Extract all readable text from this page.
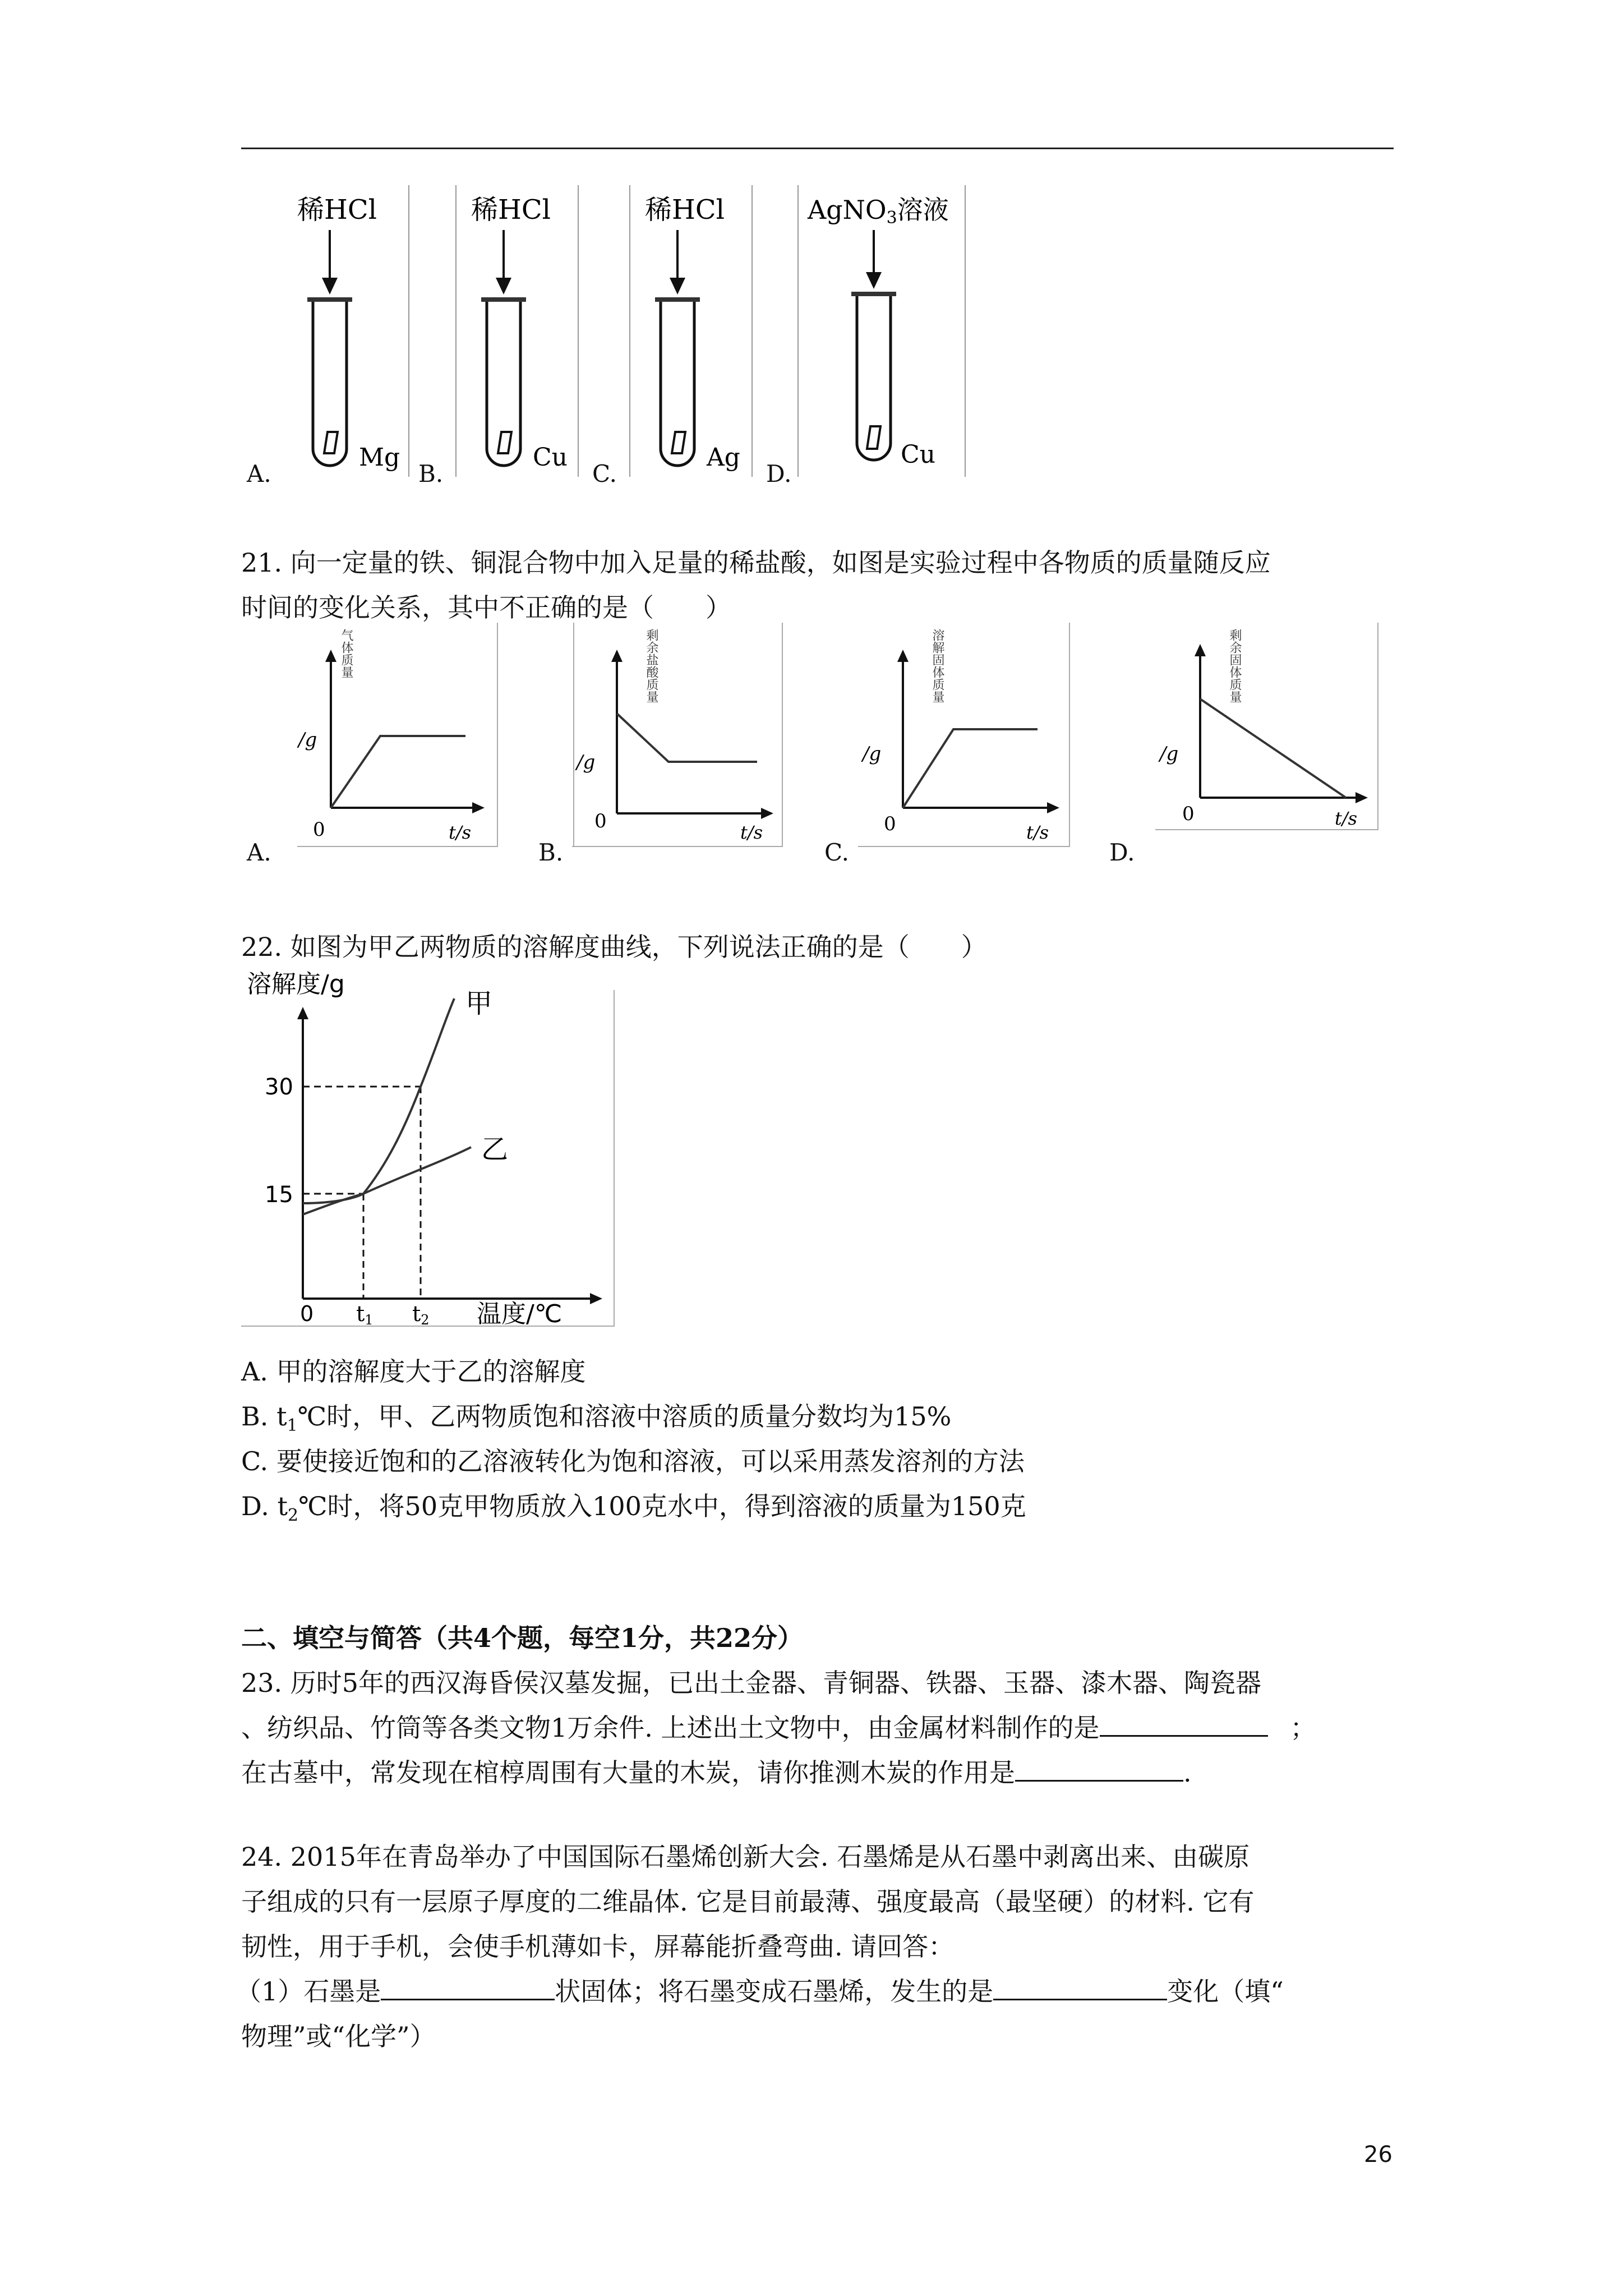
A.
稀HCl
Mg
B.
稀HCl
Cu
C.
稀HCl
Ag
D.
AgNO3溶液
Cu
21. 向一定量的铁、铜混合物中加入足量的稀盐酸，如图是实验过程中各物质的质量随反应
时间的变化关系，其中不正确的是（　　）
A.
气体质量
/g
0	t/s
B.
剩余盐酸质量
/g
0	t/s
C.
溶解固体质量
/g
0	t/s
D.
剩余固体质量
/g
0	t/s
22. 如图为甲乙两物质的溶解度曲线，下列说法正确的是（　　）
溶解度/g
甲
乙
30
15
0 t1 t2 温度/℃
A. 甲的溶解度大于乙的溶解度
B. $t_1℃$时，甲、乙两物质饱和溶液中溶质的质量分数均为15%
C. 要使接近饱和的乙溶液转化为饱和溶液，可以采用蒸发溶剂的方法
D. $t_2℃$时，将50克甲物质放入100克水中，得到溶液的质量为150克
二、填空与简答（共4个题，每空1分，共22分）
23. 历时5年的西汉海昏侯汉墓发掘，已出土金器、青铜器、铁器、玉器、漆木器、陶瓷器
、纺织品、竹筒等各类文物1万余件. 上述出土文物中，由金属材料制作的是	；
在古墓中，常发现在棺椁周围有大量的木炭，请你推测木炭的作用是	.
24. 2015年在青岛举办了中国国际石墨烯创新大会. 石墨烯是从石墨中剥离出来、由碳原
子组成的只有一层原子厚度的二维晶体. 它是目前最薄、强度最高（最坚硬）的材料. 它有
韧性，用于手机，会使手机薄如卡，屏幕能折叠弯曲. 请回答：
（1）石墨是	状固体；将石墨变成石墨烯，发生的是	变化（填“
物理”或“化学”）
26
